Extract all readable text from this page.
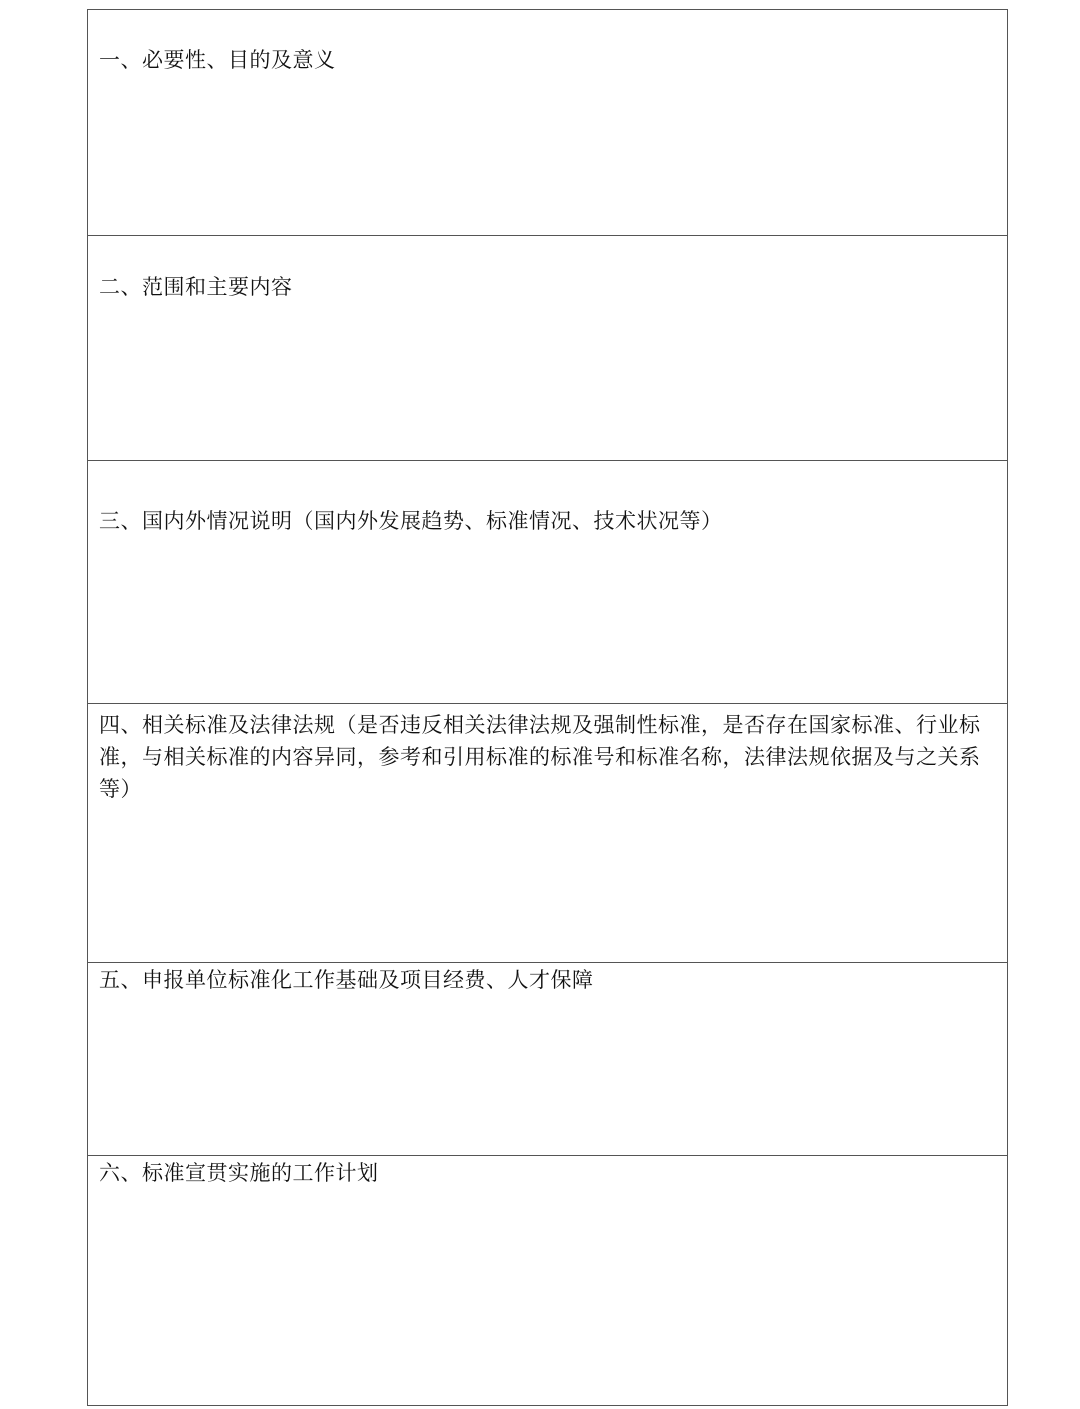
一、必要性、目的及意义
二、范围和主要内容
三、国内外情况说明（国内外发展趋势、标准情况、技术状况等）
四、相关标准及法律法规（是否违反相关法律法规及强制性标准，是否存在国家标准、行业标准，与相关标准的内容异同，参考和引用标准的标准号和标准名称，法律法规依据及与之关系等）
五、申报单位标准化工作基础及项目经费、人才保障
六、标准宣贯实施的工作计划
